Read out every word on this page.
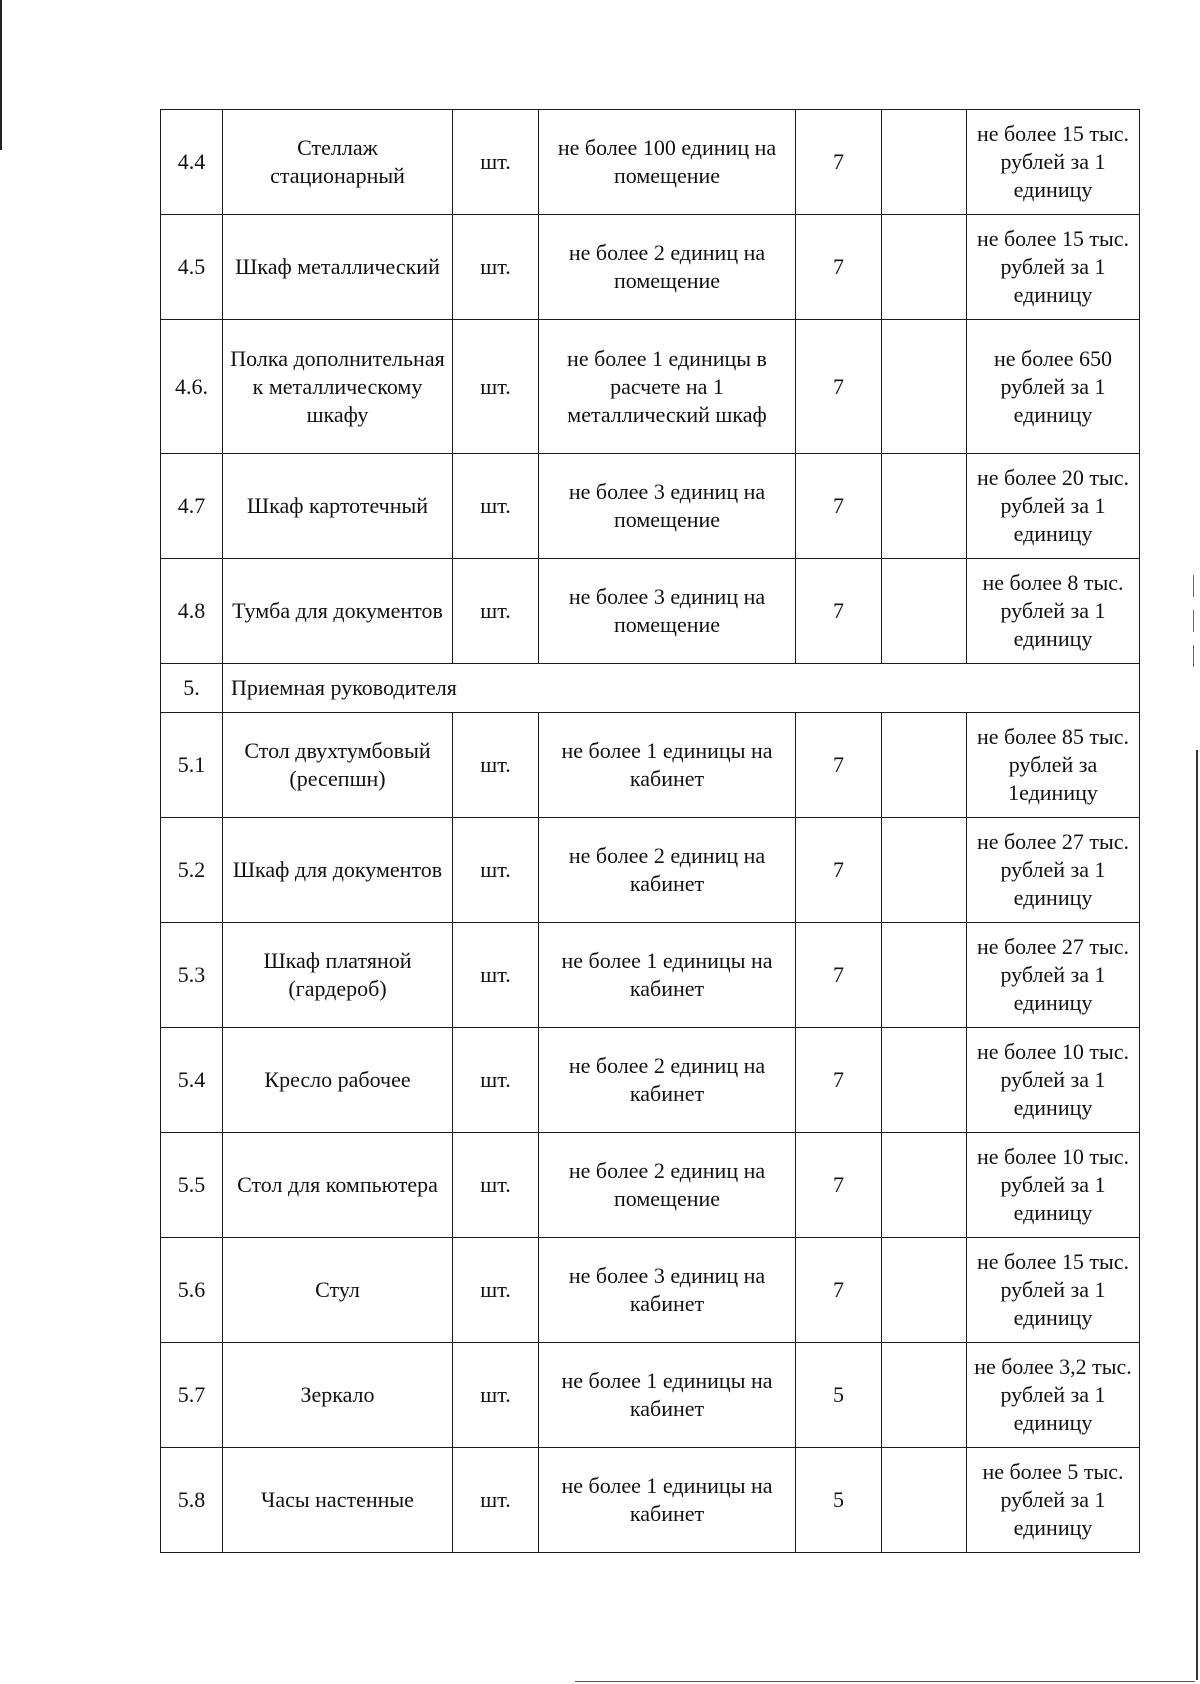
4.4	Стеллаж стационарный	шт.	не более 100 единиц на помещение	7		не более 15 тыс. рублей за 1 единицу
4.5	Шкаф металлический	шт.	не более 2 единиц на помещение	7		не более 15 тыс. рублей за 1 единицу
4.6.	Полка дополнительная к металлическому шкафу	шт.	не более 1 единицы в расчете на 1 металлический шкаф	7		не более 650 рублей за 1 единицу
4.7	Шкаф картотечный	шт.	не более 3 единиц на помещение	7		не более 20 тыс. рублей за 1 единицу
4.8	Тумба для документов	шт.	не более 3 единиц на помещение	7		не более 8 тыс. рублей за 1 единицу
5.	Приемная руководителя					
5.1	Стол двухтумбовый (ресепшн)	шт.	не более 1 единицы на кабинет	7		не более 85 тыс. рублей за 1единицу
5.2	Шкаф для документов	шт.	не более 2 единиц на кабинет	7		не более 27 тыс. рублей за 1 единицу
5.3	Шкаф платяной (гардероб)	шт.	не более 1 единицы на кабинет	7		не более 27 тыс. рублей за 1 единицу
5.4	Кресло рабочее	шт.	не более 2 единиц на кабинет	7		не более 10 тыс. рублей за 1 единицу
5.5	Стол для компьютера	шт.	не более 2 единиц на помещение	7		не более 10 тыс. рублей за 1 единицу
5.6	Стул	шт.	не более 3 единиц на кабинет	7		не более 15 тыс. рублей за 1 единицу
5.7	Зеркало	шт.	не более 1 единицы на кабинет	5		не более 3,2 тыс. рублей за 1 единицу
5.8	Часы настенные	шт.	не более 1 единицы на кабинет	5		не более 5 тыс. рублей за 1 единицу
